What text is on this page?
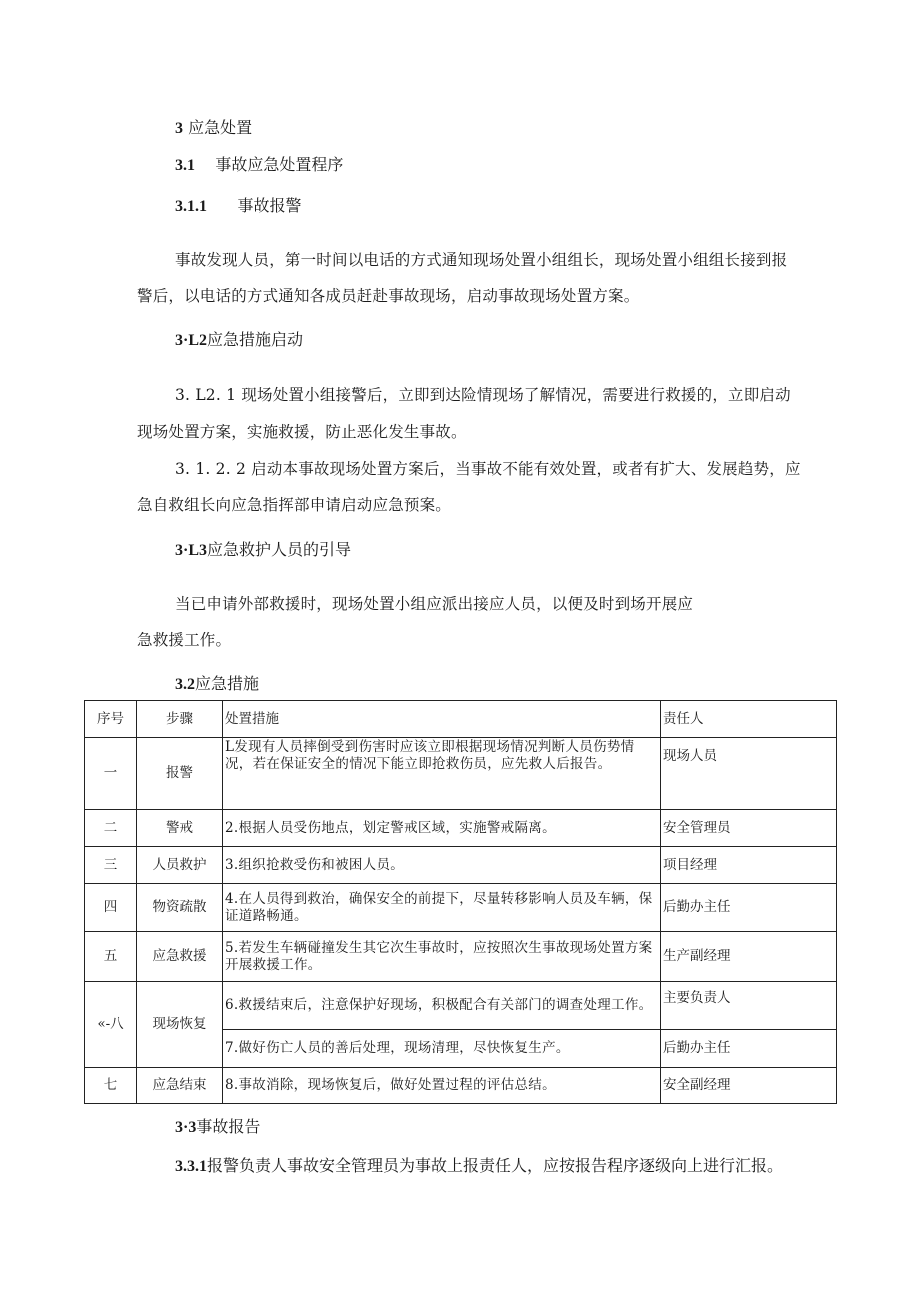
3 应急处置
3.1 事故应急处置程序
3.1.1 事故报警
事故发现人员，第一时间以电话的方式通知现场处置小组组长，现场处置小组组长接到报
警后，以电话的方式通知各成员赶赴事故现场，启动事故现场处置方案。
3·L2应急措施启动
3. L2. 1 现场处置小组接警后，立即到达险情现场了解情况，需要进行救援的，立即启动
现场处置方案，实施救援，防止恶化发生事故。
3. 1. 2. 2 启动本事故现场处置方案后，当事故不能有效处置，或者有扩大、发展趋势，应
急自救组长向应急指挥部申请启动应急预案。
3·L3应急救护人员的引导
当已申请外部救援时，现场处置小组应派出接应人员，以便及时到场开展应
急救援工作。
3.2应急措施
序号	步骤	处置措施	责任人
一	报警	L发现有人员摔倒受到伤害时应该立即根据现场情况判断人员伤势情况，若在保证安全的情况下能立即抢救伤员，应先救人后报告。	现场人员
二	警戒	2.根据人员受伤地点，划定警戒区域，实施警戒隔离。	安全管理员
三	人员救护	3.组织抢救受伤和被困人员。	项目经理
四	物资疏散	4.在人员得到救治，确保安全的前提下，尽量转移影响人员及车辆，保证道路畅通。	后勤办主任
五	应急救援	5.若发生车辆碰撞发生其它次生事故时，应按照次生事故现场处置方案开展救援工作。	生产副经理
«-八	现场恢复	6.救援结束后，注意保护好现场，积极配合有关部门的调查处理工作。	主要负责人
		7.做好伤亡人员的善后处理，现场清理，尽快恢复生产。	后勤办主任
七	应急结束	8.事故消除，现场恢复后，做好处置过程的评估总结。	安全副经理
3·3事故报告
3.3.1报警负责人事故安全管理员为事故上报责任人，应按报告程序逐级向上进行汇报。
